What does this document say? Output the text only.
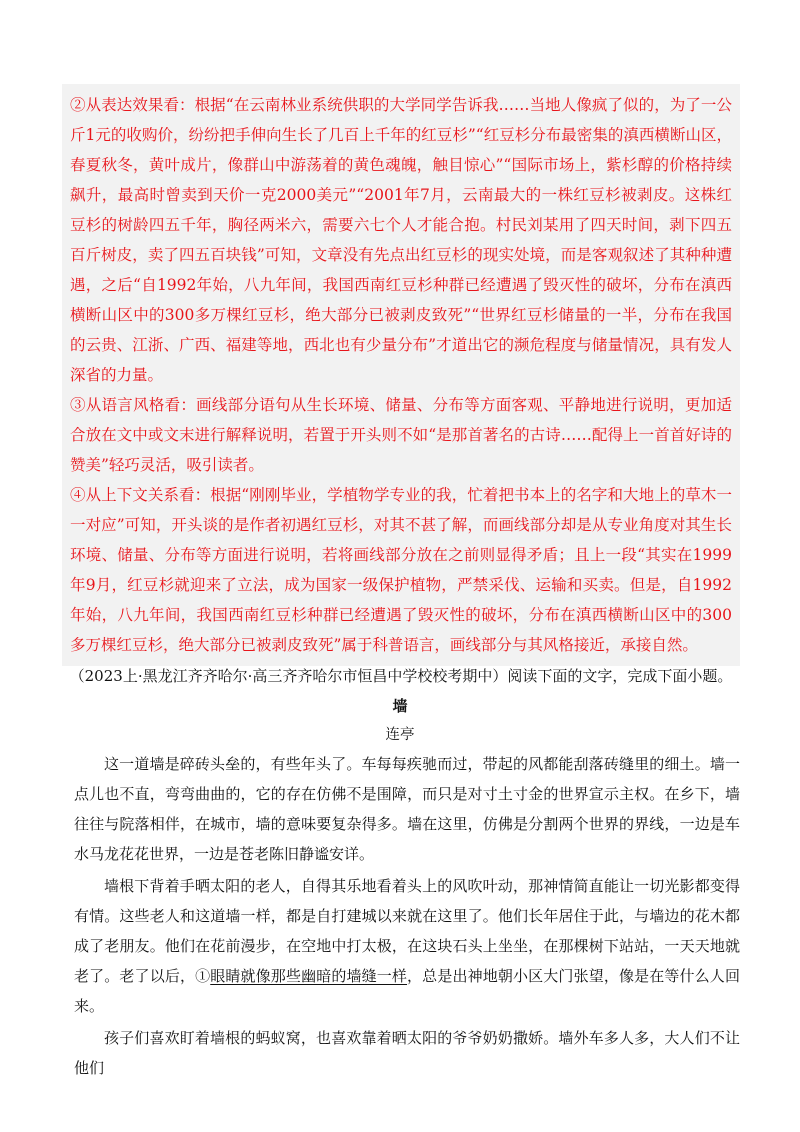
②从表达效果看：根据“在云南林业系统供职的大学同学告诉我……当地人像疯了似的，为了一公斤1元的收购价，纷纷把手伸向生长了几百上千年的红豆杉”“红豆杉分布最密集的滇西横断山区，春夏秋冬，黄叶成片，像群山中游荡着的黄色魂魄，触目惊心”“国际市场上，紫杉醇的价格持续飙升，最高时曾卖到天价一克2000美元”“2001年7月，云南最大的一株红豆杉被剥皮。这株红豆杉的树龄四五千年，胸径两米六，需要六七个人才能合抱。村民刘某用了四天时间，剥下四五百斤树皮，卖了四五百块钱”可知，文章没有先点出红豆杉的现实处境，而是客观叙述了其种种遭遇，之后“自1992年始，八九年间，我国西南红豆杉种群已经遭遇了毁灭性的破坏，分布在滇西横断山区中的300多万棵红豆杉，绝大部分已被剥皮致死”“世界红豆杉储量的一半，分布在我国的云贵、江浙、广西、福建等地，西北也有少量分布”才道出它的濒危程度与储量情况，具有发人深省的力量。

③从语言风格看：画线部分语句从生长环境、储量、分布等方面客观、平静地进行说明，更加适合放在文中或文末进行解释说明，若置于开头则不如“是那首著名的古诗……配得上一首首好诗的赞美”轻巧灵活，吸引读者。

④从上下文关系看：根据“刚刚毕业，学植物学专业的我，忙着把书本上的名字和大地上的草木一一对应”可知，开头谈的是作者初遇红豆杉，对其不甚了解，而画线部分却是从专业角度对其生长环境、储量、分布等方面进行说明，若将画线部分放在之前则显得矛盾；且上一段“其实在1999年9月，红豆杉就迎来了立法，成为国家一级保护植物，严禁采伐、运输和买卖。但是，自1992年始，八九年间，我国西南红豆杉种群已经遭遇了毁灭性的破坏，分布在滇西横断山区中的300多万棵红豆杉，绝大部分已被剥皮致死”属于科普语言，画线部分与其风格接近，承接自然。

（2023上·黑龙江齐齐哈尔·高三齐齐哈尔市恒昌中学校校考期中）阅读下面的文字，完成下面小题。
墙
连亭

这一道墙是碎砖头垒的，有些年头了。车每每疾驰而过，带起的风都能刮落砖缝里的细土。墙一点儿也不直，弯弯曲曲的，它的存在仿佛不是围障，而只是对寸土寸金的世界宣示主权。在乡下，墙往往与院落相伴，在城市，墙的意味要复杂得多。墙在这里，仿佛是分割两个世界的界线，一边是车水马龙花花世界，一边是苍老陈旧静谧安详。

墙根下背着手晒太阳的老人，自得其乐地看着头上的风吹叶动，那神情简直能让一切光影都变得有情。这些老人和这道墙一样，都是自打建城以来就在这里了。他们长年居住于此，与墙边的花木都成了老朋友。他们在花前漫步，在空地中打太极，在这块石头上坐坐，在那棵树下站站，一天天地就老了。老了以后，①眼睛就像那些幽暗的墙缝一样，总是出神地朝小区大门张望，像是在等什么人回来。

孩子们喜欢盯着墙根的蚂蚁窝，也喜欢靠着晒太阳的爷爷奶奶撒娇。墙外车多人多，大人们不让他们
